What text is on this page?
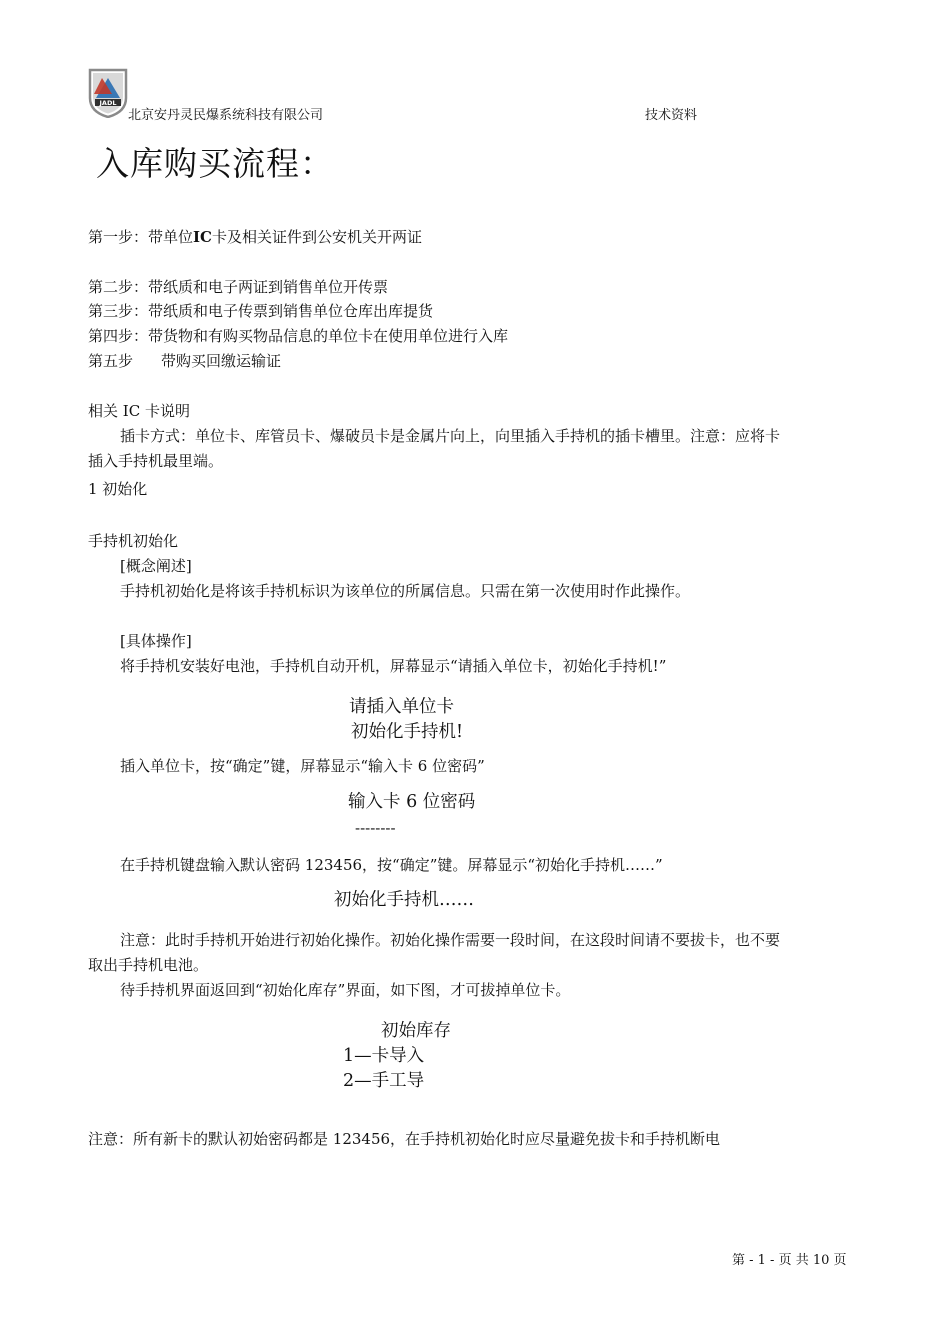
JADL
北京安丹灵民爆系统科技有限公司	技术资料
入库购买流程：
第一步：带单位IC卡及相关证件到公安机关开两证
第二步：带纸质和电子两证到销售单位开传票
第三步：带纸质和电子传票到销售单位仓库出库提货
第四步：带货物和有购买物品信息的单位卡在使用单位进行入库
第五步 带购买回缴运输证
相关 IC 卡说明
插卡方式：单位卡、库管员卡、爆破员卡是金属片向上，向里插入手持机的插卡槽里。注意：应将卡
插入手持机最里端。
1 初始化
手持机初始化
[概念阐述]
手持机初始化是将该手持机标识为该单位的所属信息。只需在第一次使用时作此操作。
[具体操作]
将手持机安装好电池，手持机自动开机，屏幕显示“请插入单位卡，初始化手持机!”
请插入单位卡
初始化手持机!
插入单位卡，按“确定”键，屏幕显示“输入卡 6 位密码”
输入卡 6 位密码
--------
在手持机键盘输入默认密码 123456，按“确定”键。屏幕显示“初始化手持机……”
初始化手持机……
注意：此时手持机开始进行初始化操作。初始化操作需要一段时间，在这段时间请不要拔卡，也不要
取出手持机电池。
待手持机界面返回到“初始化库存”界面，如下图，才可拔掉单位卡。
初始库存
1—卡导入
2—手工导
注意：所有新卡的默认初始密码都是 123456，在手持机初始化时应尽量避免拔卡和手持机断电
第 - 1 - 页 共 10 页
